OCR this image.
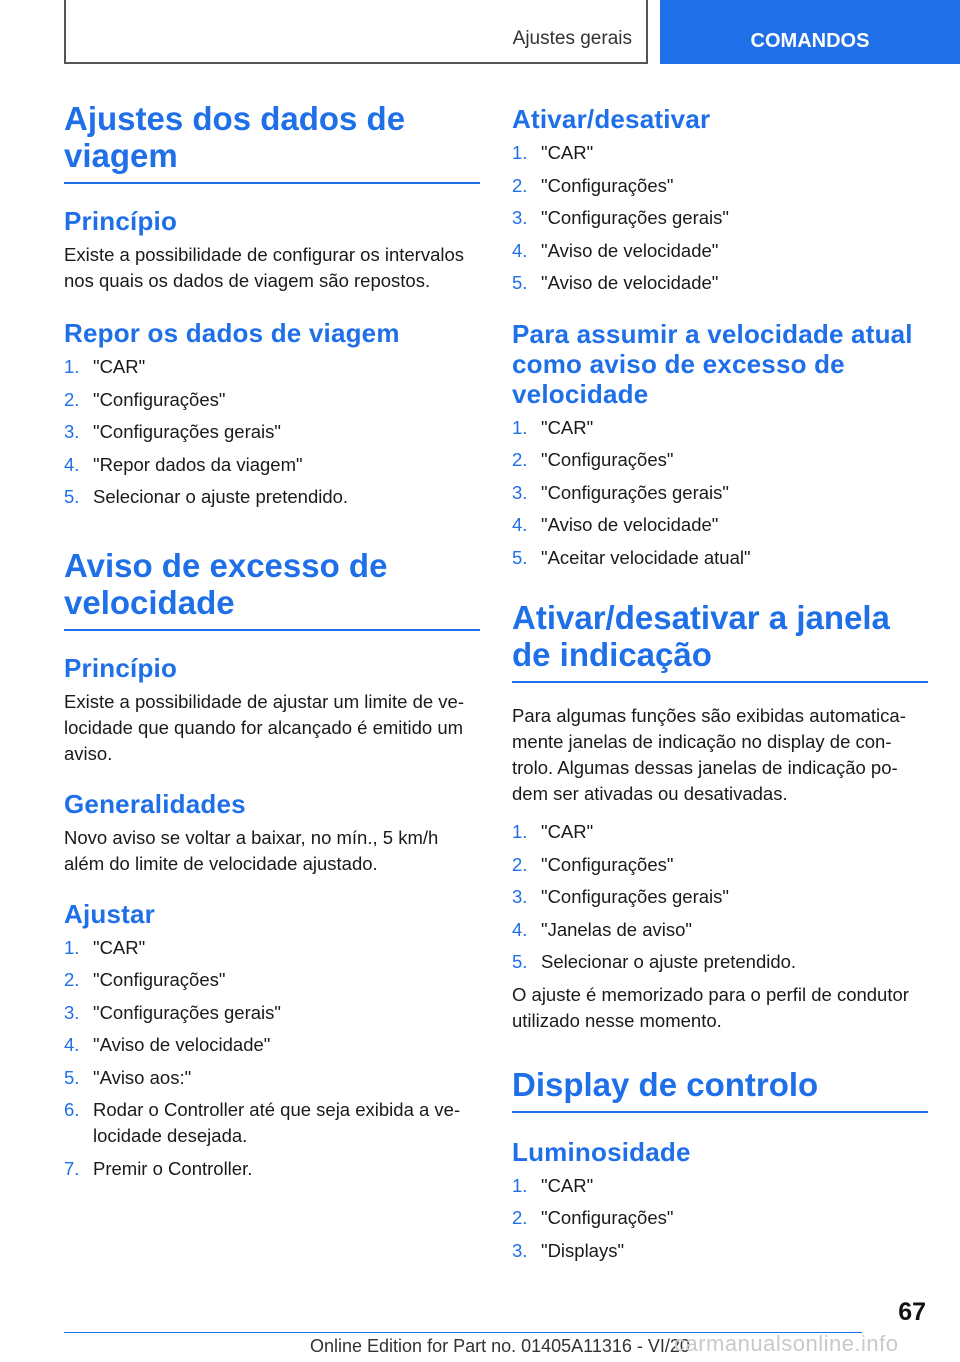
Ajustes gerais	COMANDOS
Ajustes dos dados de viagem
Princípio

Existe a possibilidade de configurar os intervalos nos quais os dados de viagem são repostos.

Repor os dados de viagem
1. "CAR"
2. "Configurações"
3. "Configurações gerais"
4. "Repor dados da viagem"
5. Selecionar o ajuste pretendido.
Aviso de excesso de velocidade
Princípio

Existe a possibilidade de ajustar um limite de ve-locidade que quando for alcançado é emitido um aviso.

Generalidades

Novo aviso se voltar a baixar, no mín., 5 km/h além do limite de velocidade ajustado.

Ajustar
1. "CAR"
2. "Configurações"
3. "Configurações gerais"
4. "Aviso de velocidade"
5. "Aviso aos:"
6. Rodar o Controller até que seja exibida a ve-locidade desejada.
7. Premir o Controller.
Ativar/desativar
1. "CAR"
2. "Configurações"
3. "Configurações gerais"
4. "Aviso de velocidade"
5. "Aviso de velocidade"
Para assumir a velocidade atual como aviso de excesso de velocidade
1. "CAR"
2. "Configurações"
3. "Configurações gerais"
4. "Aviso de velocidade"
5. "Aceitar velocidade atual"
Ativar/desativar a janela de indicação

Para algumas funções são exibidas automatica-mente janelas de indicação no display de con-trolo. Algumas dessas janelas de indicação po-dem ser ativadas ou desativadas.

1. "CAR"
2. "Configurações"
3. "Configurações gerais"
4. "Janelas de aviso"
5. Selecionar o ajuste pretendido.

O ajuste é memorizado para o perfil de condutor utilizado nesse momento.

Display de controlo
Luminosidade
1. "CAR"
2. "Configurações"
3. "Displays"
67
Online Edition for Part no. 01405A11316 - VI/20
carmanualsonline.info
